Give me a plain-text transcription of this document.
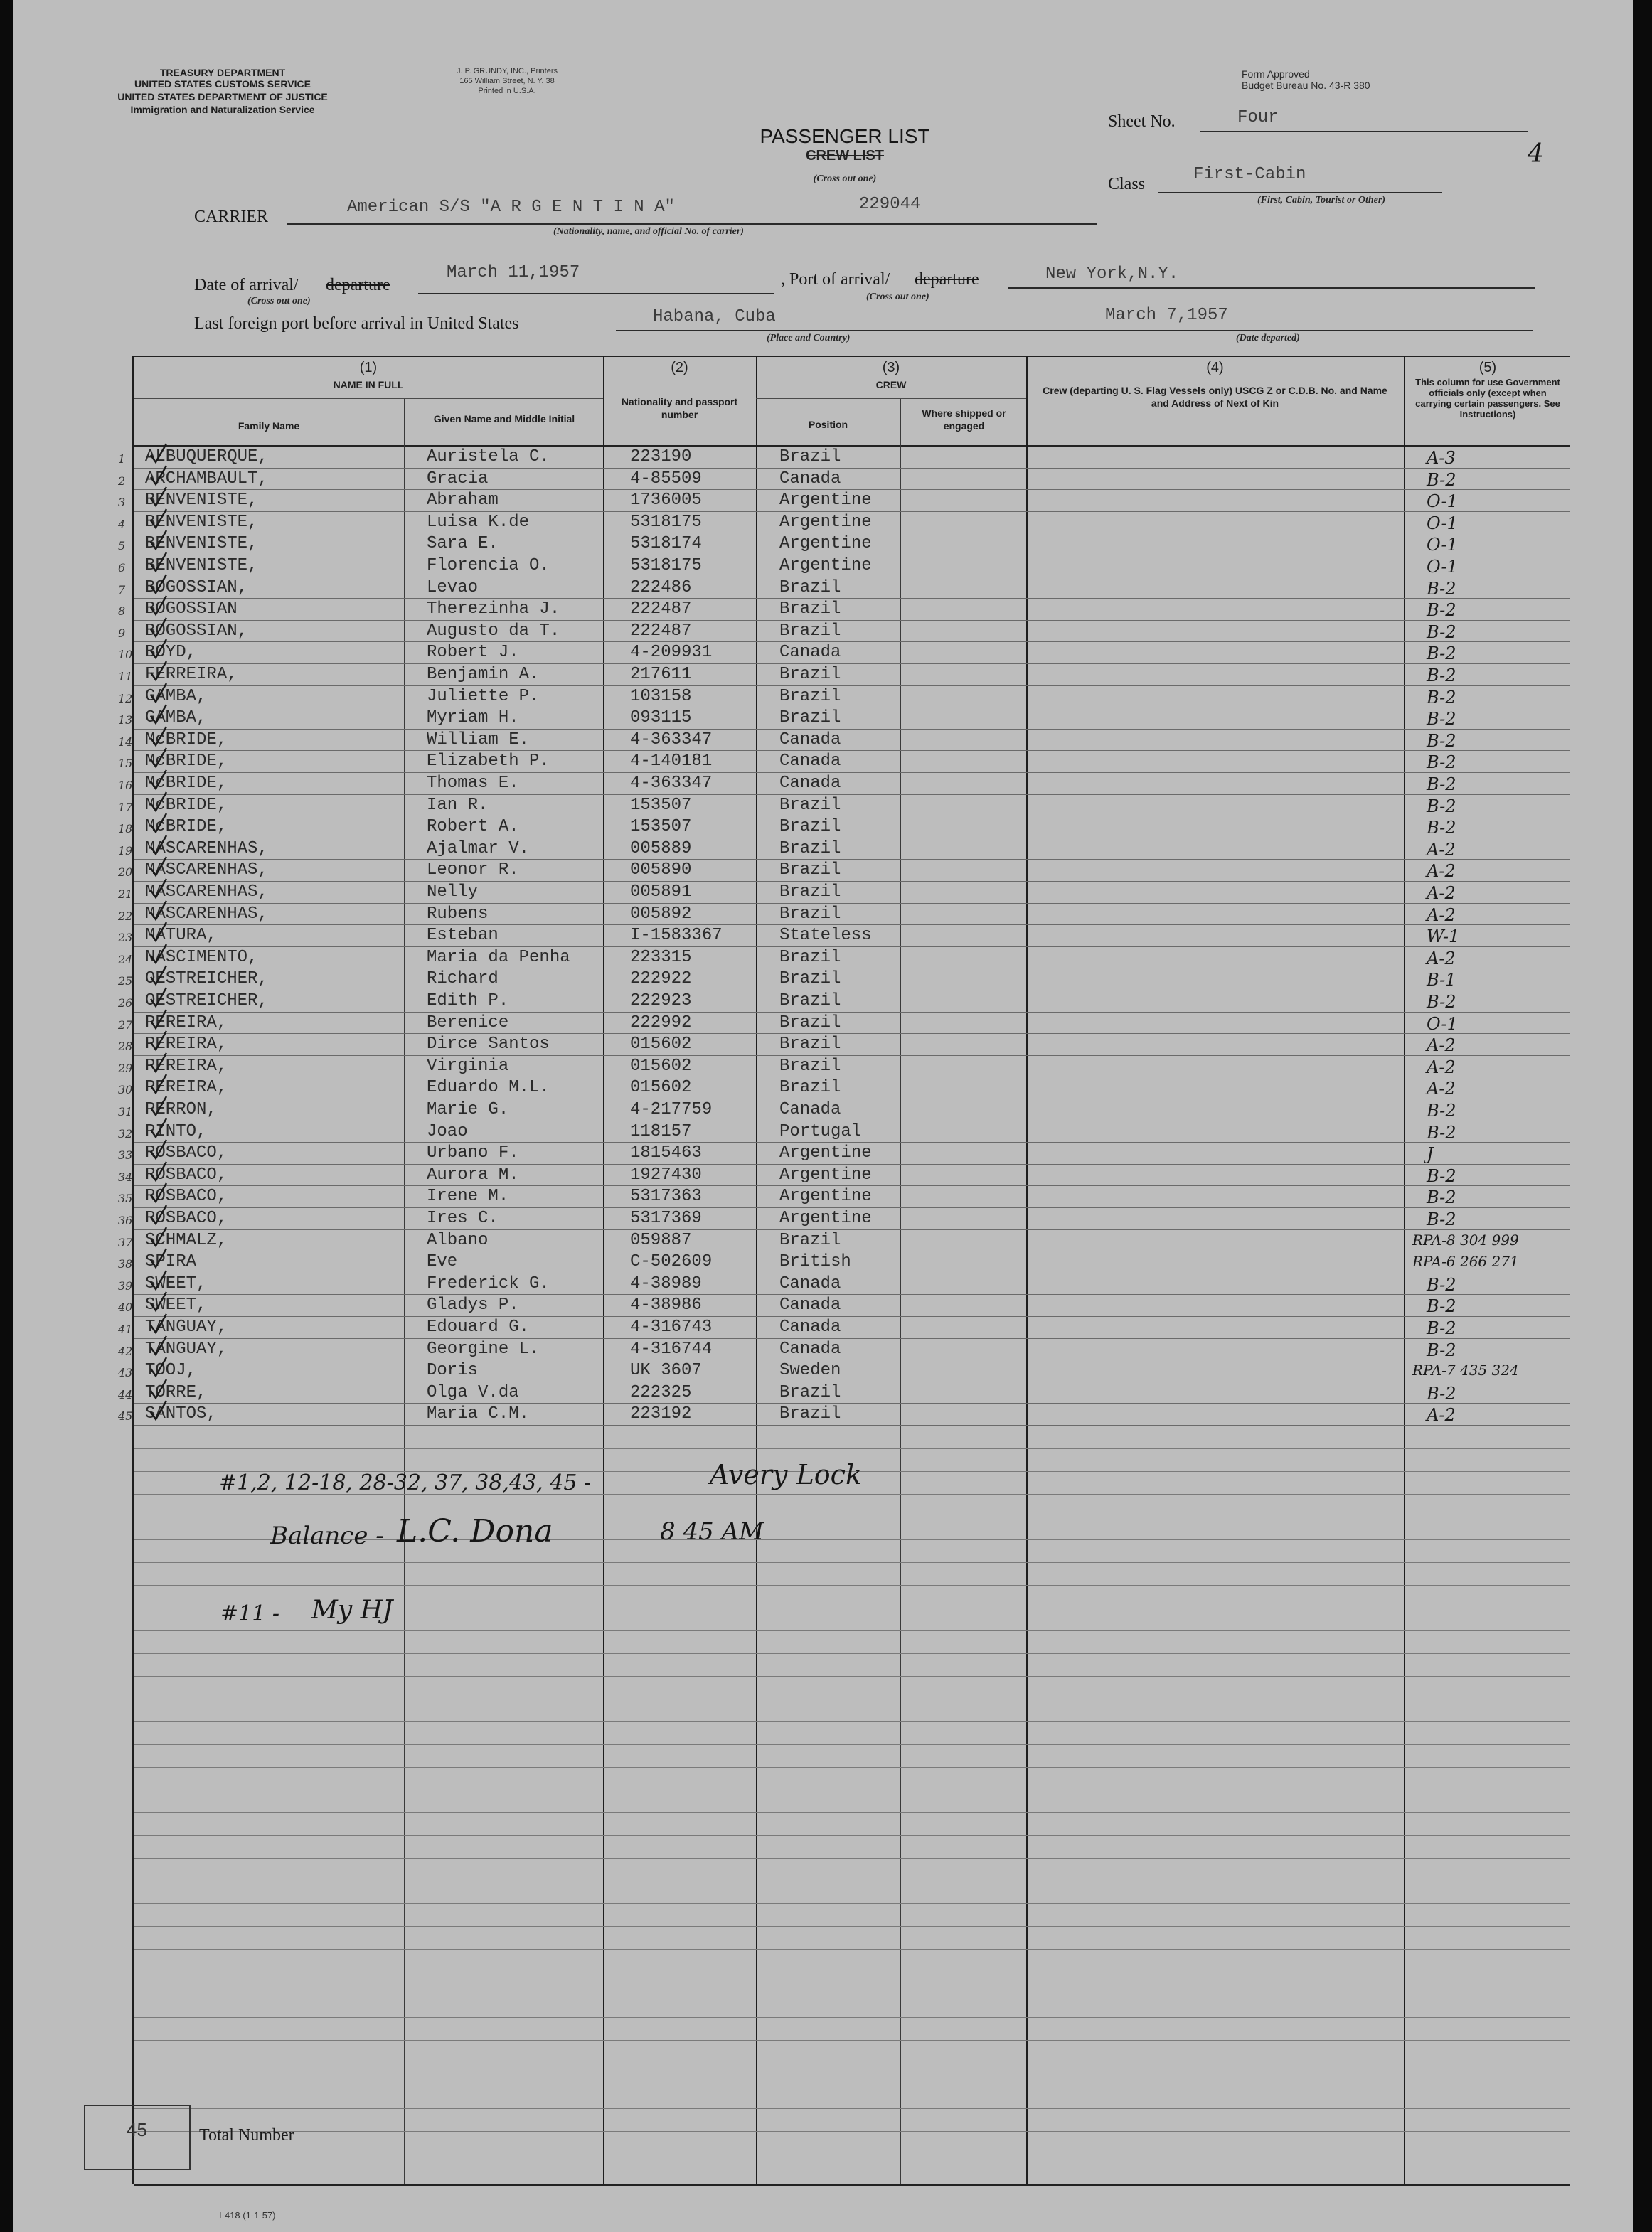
TREASURY DEPARTMENT
UNITED STATES CUSTOMS SERVICE
UNITED STATES DEPARTMENT OF JUSTICE
Immigration and Naturalization Service
J. P. GRUNDY, INC., Printers
165 William Street, N. Y. 38
Printed in U.S.A.
Form Approved
Budget Bureau No. 43-R 380
PASSENGER LIST
CREW LIST
(Cross out one)
Sheet No.	Four
4
Class	First-Cabin
(First, Cabin, Tourist or Other)
CARRIER	American S/S "A R G E N T I N A"	229044
(Nationality, name, and official No. of carrier)
Date of arrival/ departure
March 11,1957
(Cross out one)
, Port of arrival/ departure	New York,N.Y.
(Cross out one)
Last foreign port before arrival in United States	Habana, Cuba	March 7,1957
(Place and Country)	(Date departed)
(1)
NAME IN FULL
Family Name
Given Name and Middle Initial
(2)
Nationality and passport number
(3)
CREW
Position
Where shipped or engaged
(4)
Crew (departing U. S. Flag Vessels only) USCG Z or C.D.B. No. and Name and Address of Next of Kin
(5)
This column for use Government officials only (except when carrying certain passengers. See Instructions)
1 ALBUQUERQUE,	Auristela C.	223190	Brazil	A-3
2 ARCHAMBAULT,	Gracia	4-85509	Canada	B-2
3 BENVENISTE,	Abraham	1736005	Argentine	O-1
4 BENVENISTE,	Luisa K.de	5318175	Argentine	O-1
5 BENVENISTE,	Sara E.	5318174	Argentine	O-1
6 BENVENISTE,	Florencia O.	5318175	Argentine	O-1
7 BOGOSSIAN,	Levao	222486	Brazil	B-2
8 BOGOSSIAN	Therezinha J.	222487	Brazil	B-2
9 BOGOSSIAN,	Augusto da T.	222487	Brazil	B-2
10 BOYD,	Robert J.	4-209931	Canada	B-2
11 FERREIRA,	Benjamin A.	217611	Brazil	B-2
12 GAMBA,	Juliette P.	103158	Brazil	B-2
13 GAMBA,	Myriam H.	093115	Brazil	B-2
14 McBRIDE,	William E.	4-363347	Canada	B-2
15 McBRIDE,	Elizabeth P.	4-140181	Canada	B-2
16 McBRIDE,	Thomas E.	4-363347	Canada	B-2
17 McBRIDE,	Ian R.	153507	Brazil	B-2
18 McBRIDE,	Robert A.	153507	Brazil	B-2
19 MASCARENHAS,	Ajalmar V.	005889	Brazil	A-2
20 MASCARENHAS,	Leonor R.	005890	Brazil	A-2
21 MASCARENHAS,	Nelly	005891	Brazil	A-2
22 MASCARENHAS,	Rubens	005892	Brazil	A-2
23 MATURA,	Esteban	I-1583367	Stateless	W-1
24 NASCIMENTO,	Maria da Penha	223315	Brazil	A-2
25 OESTREICHER,	Richard	222922	Brazil	B-1
26 OESTREICHER,	Edith P.	222923	Brazil	B-2
27 PEREIRA,	Berenice	222992	Brazil	O-1
28 PEREIRA,	Dirce Santos	015602	Brazil	A-2
29 PEREIRA,	Virginia	015602	Brazil	A-2
30 PEREIRA,	Eduardo M.L.	015602	Brazil	A-2
31 PERRON,	Marie G.	4-217759	Canada	B-2
32 PINTO,	Joao	118157	Portugal	B-2
33 ROSBACO,	Urbano F.	1815463	Argentine	J
34 ROSBACO,	Aurora M.	1927430	Argentine	B-2
35 ROSBACO,	Irene M.	5317363	Argentine	B-2
36 ROSBACO,	Ires C.	5317369	Argentine	B-2
37 SCHMALZ,	Albano	059887	Brazil	RPA-8 304 999
38 SPIRA	Eve	C-502609	British	RPA-6 266 271
39 SWEET,	Frederick G.	4-38989	Canada	B-2
40 SWEET,	Gladys P.	4-38986	Canada	B-2
41 TANGUAY,	Edouard G.	4-316743	Canada	B-2
42 TANGUAY,	Georgine L.	4-316744	Canada	B-2
43 TOOJ,	Doris	UK 3607	Sweden	RPA-7 435 324
44 TORRE,	Olga V.da	222325	Brazil	B-2
45 SANTOS,	Maria C.M.	223192	Brazil	A-2
#1,2, 12-18, 28-32, 37, 38,43, 45 -	Avery Lock
Balance - L.C. Dona	8 45 AM
#11 - My HJ
45	Total Number
I-418 (1-1-57)
